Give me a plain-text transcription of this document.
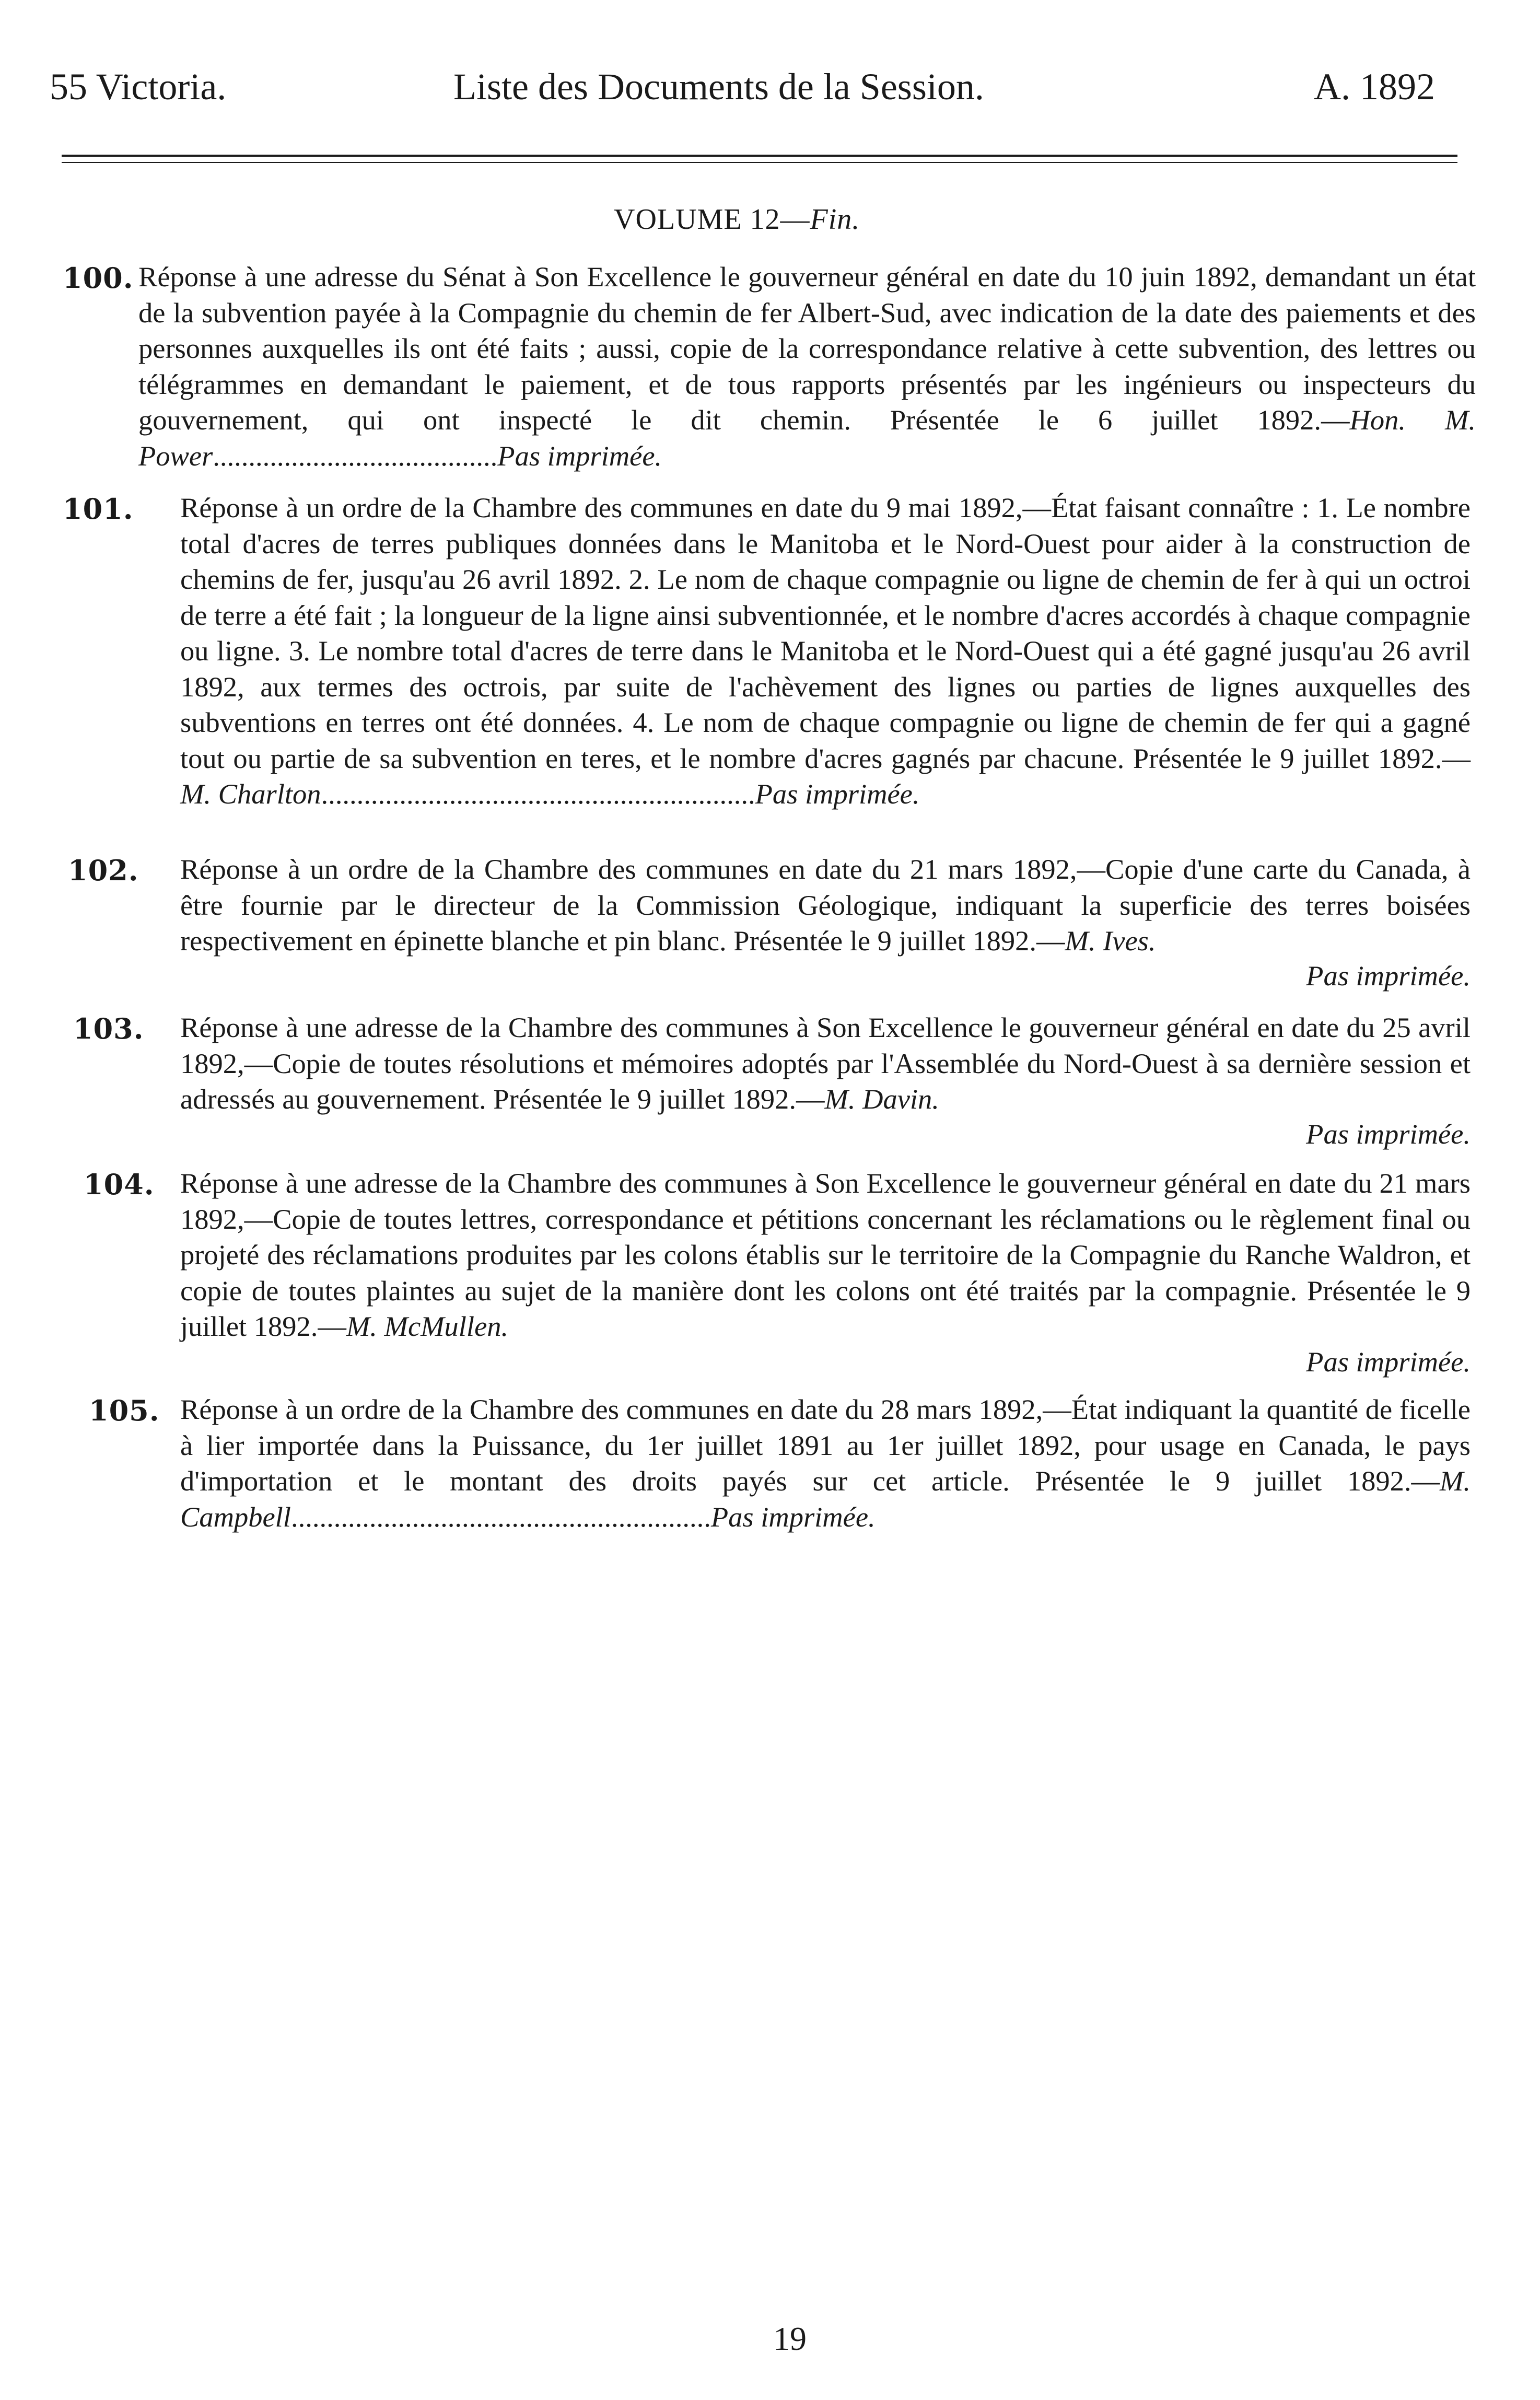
55 Victoria.	Liste des Documents de la Session.	A. 1892
VOLUME 12—Fin.
100. Réponse à une adresse du Sénat à Son Excellence le gouverneur général en date du 10 juin 1892, demandant un état de la subvention payée à la Compagnie du chemin de fer Albert-Sud, avec indication de la date des paiements et des personnes auxquelles ils ont été faits ; aussi, copie de la correspondance relative à cette subvention, des lettres ou télégrammes en demandant le paiement, et de tous rapports présentés par les ingénieurs ou inspecteurs du gouvernement, qui ont inspecté le dit chemin. Présentée le 6 juillet 1892.—Hon. M. Power........................................Pas imprimée.
101. Réponse à un ordre de la Chambre des communes en date du 9 mai 1892,—État faisant connaître : 1. Le nombre total d'acres de terres publiques données dans le Manitoba et le Nord-Ouest pour aider à la construction de chemins de fer, jusqu'au 26 avril 1892. 2. Le nom de chaque compagnie ou ligne de chemin de fer à qui un octroi de terre a été fait ; la longueur de la ligne ainsi subventionnée, et le nombre d'acres accordés à chaque compagnie ou ligne. 3. Le nombre total d'acres de terre dans le Manitoba et le Nord-Ouest qui a été gagné jusqu'au 26 avril 1892, aux termes des octrois, par suite de l'achèvement des lignes ou parties de lignes auxquelles des subventions en terres ont été données. 4. Le nom de chaque compagnie ou ligne de chemin de fer qui a gagné tout ou partie de sa subvention en teres, et le nombre d'acres gagnés par chacune. Présentée le 9 juillet 1892.—M. Charlton.............................................................Pas imprimée.
102. Réponse à un ordre de la Chambre des communes en date du 21 mars 1892,—Copie d'une carte du Canada, à être fournie par le directeur de la Commission Géologique, indiquant la superficie des terres boisées respectivement en épinette blanche et pin blanc. Présentée le 9 juillet 1892.—M. Ives.
Pas imprimée.
103. Réponse à une adresse de la Chambre des communes à Son Excellence le gouverneur général en date du 25 avril 1892,—Copie de toutes résolutions et mémoires adoptés par l'Assemblée du Nord-Ouest à sa dernière session et adressés au gouvernement. Présentée le 9 juillet 1892.—M. Davin.
Pas imprimée.
104. Réponse à une adresse de la Chambre des communes à Son Excellence le gouverneur général en date du 21 mars 1892,—Copie de toutes lettres, correspondance et pétitions concernant les réclamations ou le règlement final ou projeté des réclamations produites par les colons établis sur le territoire de la Compagnie du Ranche Waldron, et copie de toutes plaintes au sujet de la manière dont les colons ont été traités par la compagnie. Présentée le 9 juillet 1892.—M. McMullen.
Pas imprimée.
105. Réponse à un ordre de la Chambre des communes en date du 28 mars 1892,—État indiquant la quantité de ficelle à lier importée dans la Puissance, du 1er juillet 1891 au 1er juillet 1892, pour usage en Canada, le pays d'importation et le montant des droits payés sur cet article. Présentée le 9 juillet 1892.—M. Campbell...........................................................Pas imprimée.
19
